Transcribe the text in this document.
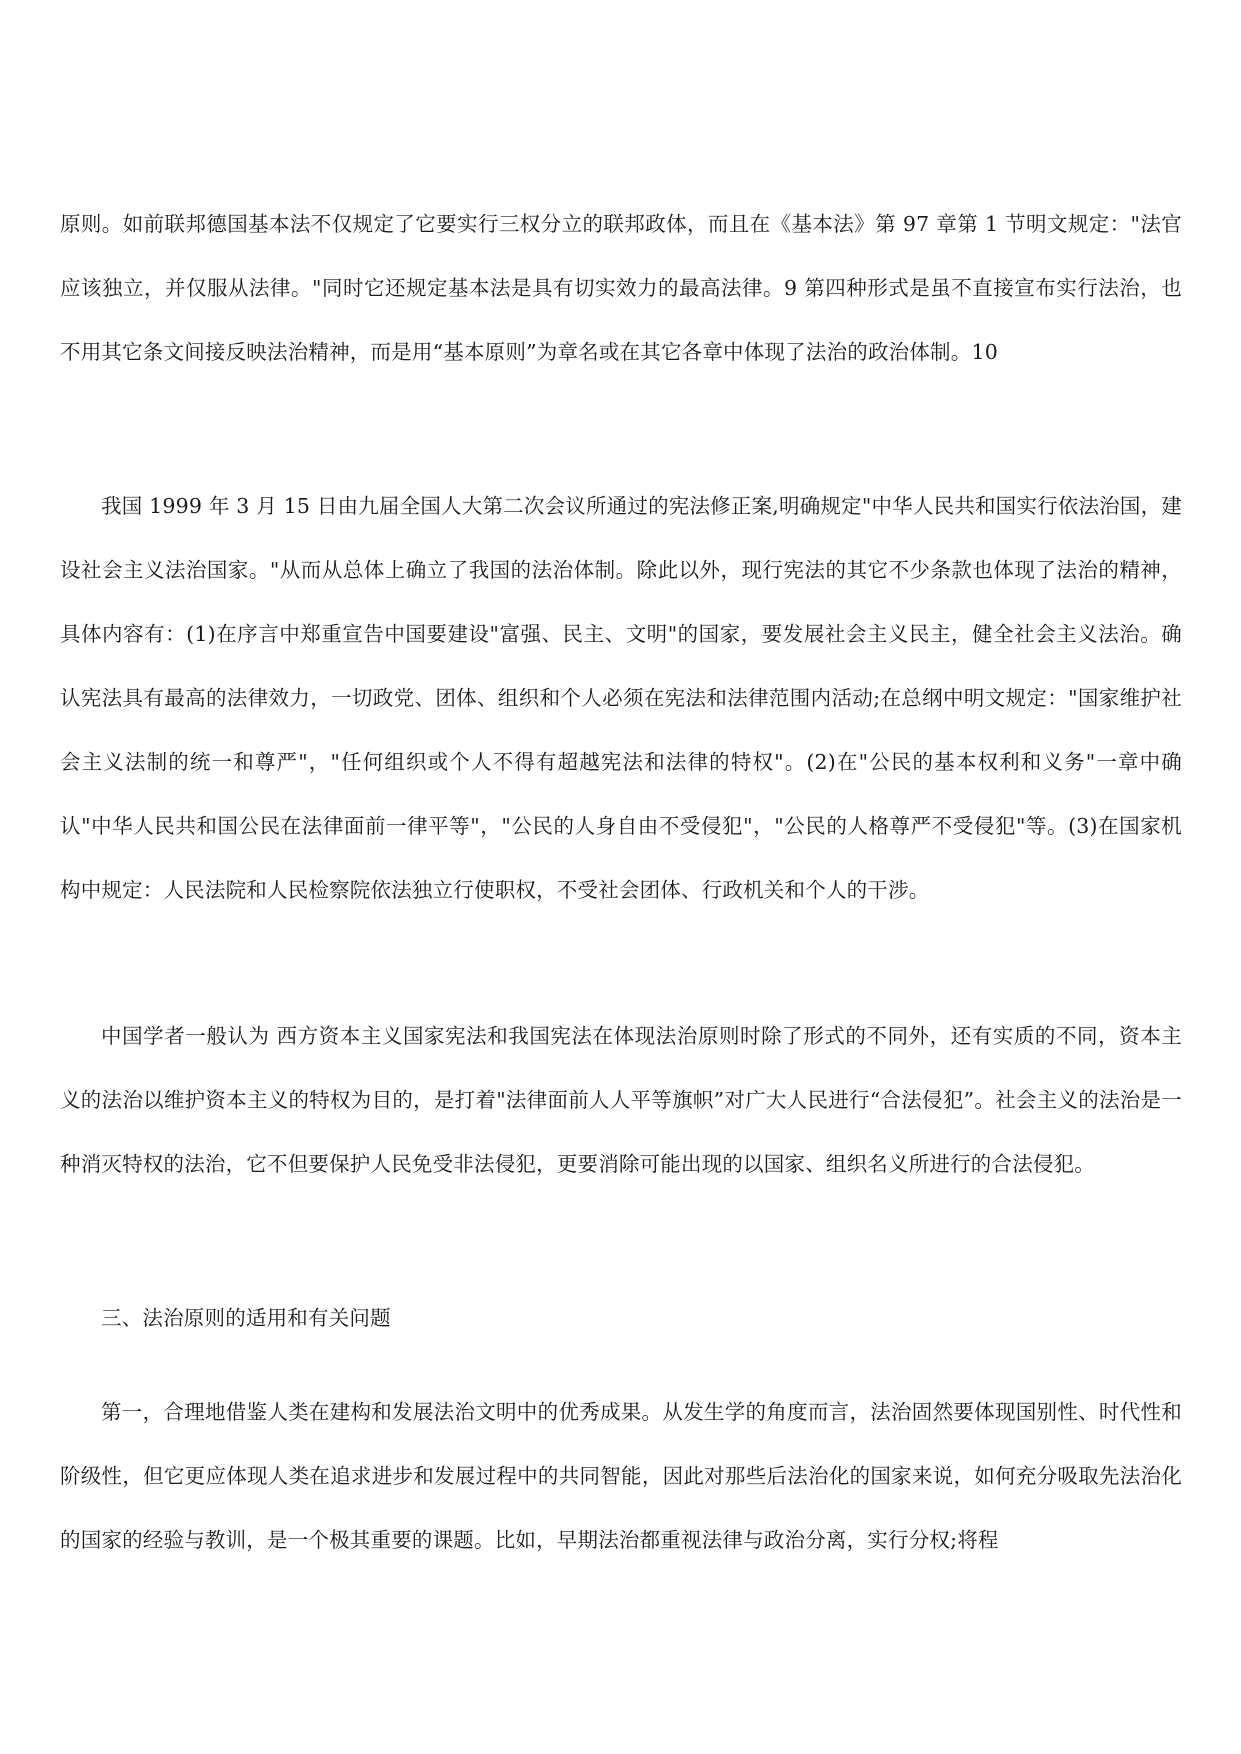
原则。如前联邦德国基本法不仅规定了它要实行三权分立的联邦政体，而且在《基本法》第 97 章第 1 节明文规定："法官应该独立，并仅服从法律。"同时它还规定基本法是具有切实效力的最高法律。9 第四种形式是虽不直接宣布实行法治，也不用其它条文间接反映法治精神，而是用“基本原则”为章名或在其它各章中体现了法治的政治体制。10

我国 1999 年 3 月 15 日由九届全国人大第二次会议所通过的宪法修正案,明确规定"中华人民共和国实行依法治国，建设社会主义法治国家。"从而从总体上确立了我国的法治体制。除此以外，现行宪法的其它不少条款也体现了法治的精神，具体内容有：(1)在序言中郑重宣告中国要建设"富强、民主、文明"的国家，要发展社会主义民主，健全社会主义法治。确认宪法具有最高的法律效力，一切政党、团体、组织和个人必须在宪法和法律范围内活动;在总纲中明文规定："国家维护社会主义法制的统一和尊严"，"任何组织或个人不得有超越宪法和法律的特权"。(2)在"公民的基本权利和义务"一章中确认"中华人民共和国公民在法律面前一律平等"，"公民的人身自由不受侵犯"，"公民的人格尊严不受侵犯"等。(3)在国家机构中规定：人民法院和人民检察院依法独立行使职权，不受社会团体、行政机关和个人的干涉。

中国学者一般认为 西方资本主义国家宪法和我国宪法在体现法治原则时除了形式的不同外，还有实质的不同，资本主义的法治以维护资本主义的特权为目的，是打着"法律面前人人平等旗帜”对广大人民进行“合法侵犯”。社会主义的法治是一种消灭特权的法治，它不但要保护人民免受非法侵犯，更要消除可能出现的以国家、组织名义所进行的合法侵犯。

三、法治原则的适用和有关问题

第一，合理地借鉴人类在建构和发展法治文明中的优秀成果。从发生学的角度而言，法治固然要体现国别性、时代性和阶级性，但它更应体现人类在追求进步和发展过程中的共同智能，因此对那些后法治化的国家来说，如何充分吸取先法治化的国家的经验与教训，是一个极其重要的课题。比如，早期法治都重视法律与政治分离，实行分权;将程
